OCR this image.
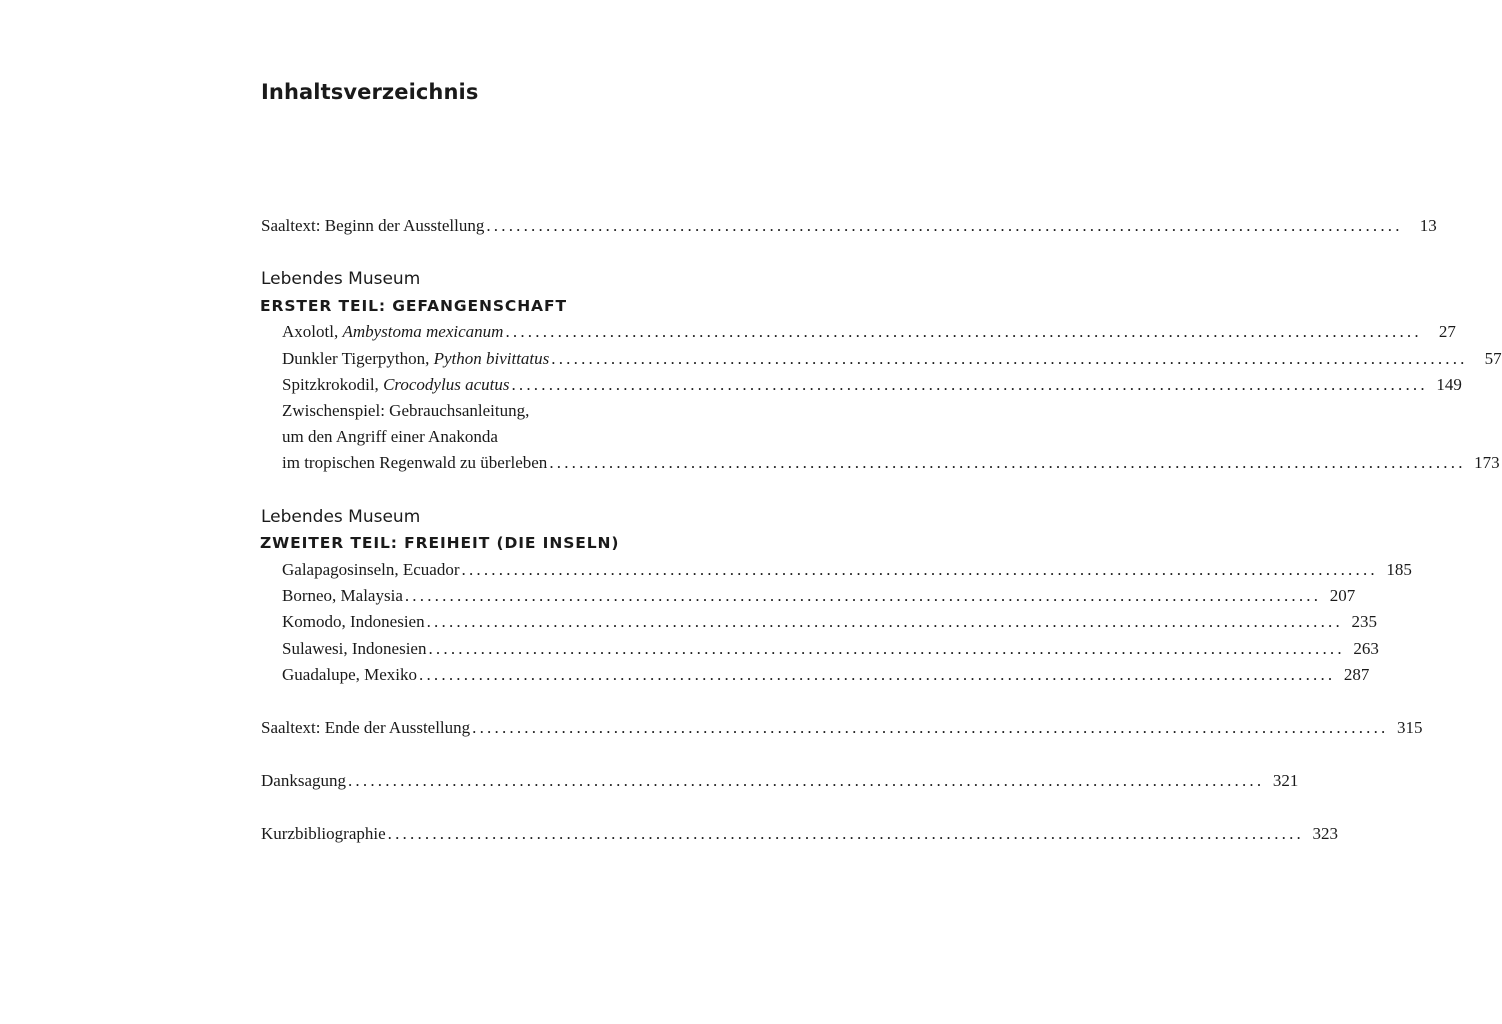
Inhaltsverzeichnis
Saaltext: Beginn der Ausstellung ...........................................................................................................................	13
Lebendes Museum
ERSTER TEIL: GEFANGENSCHAFT
Axolotl, Ambystoma mexicanum ...........................................................................................................................	27
Dunkler Tigerpython, Python bivittatus ...........................................................................................................................	57
Spitzkrokodil, Crocodylus acutus ........................................................................................................................... 149
Zwischenspiel: Gebrauchsanleitung,
um den Angriff einer Anakonda
im tropischen Regenwald zu überleben ........................................................................................................................... 173
Lebendes Museum
ZWEITER TEIL: FREIHEIT (DIE INSELN)
Galapagosinseln, Ecuador ........................................................................................................................... 185
Borneo, Malaysia ........................................................................................................................... 207
Komodo, Indonesien ........................................................................................................................... 235
Sulawesi, Indonesien ........................................................................................................................... 263
Guadalupe, Mexiko ........................................................................................................................... 287
Saaltext: Ende der Ausstellung ........................................................................................................................... 315
Danksagung ........................................................................................................................... 321
Kurzbibliographie ........................................................................................................................... 323
